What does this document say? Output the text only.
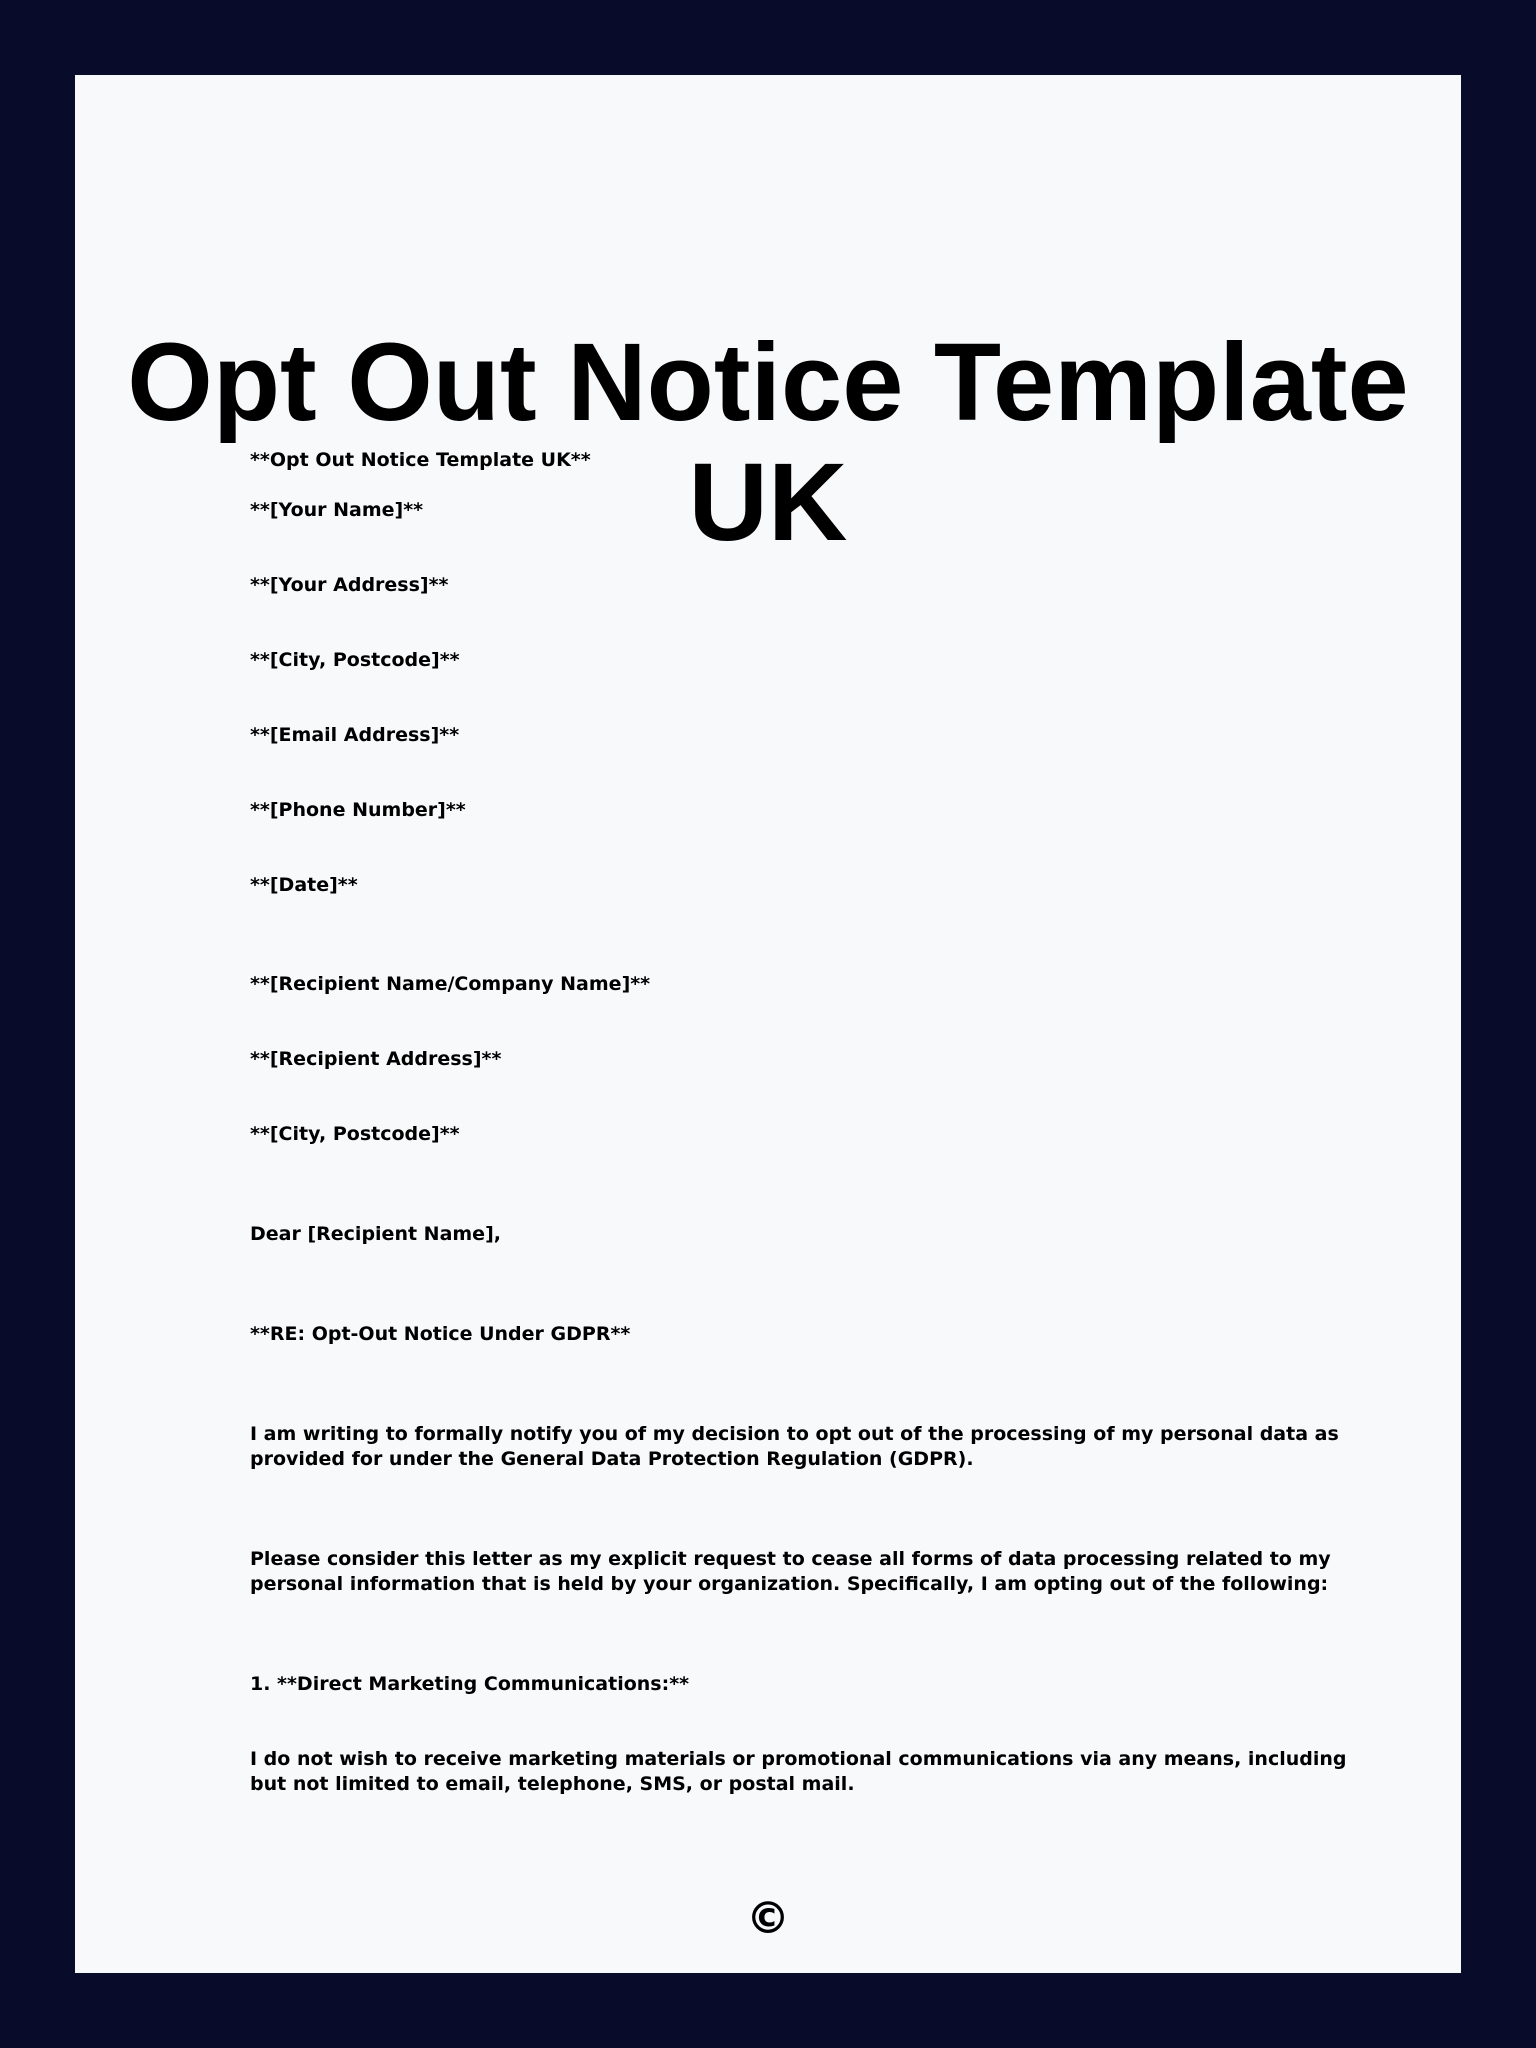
Opt Out Notice Template UK

**Opt Out Notice Template UK**

**[Your Name]**

**[Your Address]**

**[City, Postcode]**

**[Email Address]**

**[Phone Number]**

**[Date]**

**[Recipient Name/Company Name]**

**[Recipient Address]**

**[City, Postcode]**

Dear [Recipient Name],

**RE: Opt-Out Notice Under GDPR**

I am writing to formally notify you of my decision to opt out of the processing of my personal data as provided for under the General Data Protection Regulation (GDPR).

Please consider this letter as my explicit request to cease all forms of data processing related to my personal information that is held by your organization. Specifically, I am opting out of the following:

1. **Direct Marketing Communications:**

I do not wish to receive marketing materials or promotional communications via any means, including but not limited to email, telephone, SMS, or postal mail.

©
